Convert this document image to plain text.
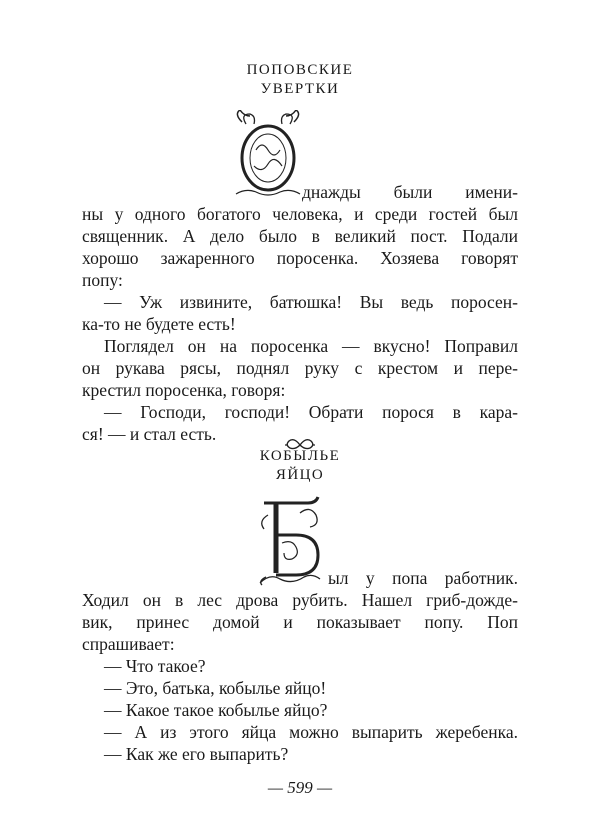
ПОПОВСКИЕ
УВЕРТКИ
днажды были имени-
ны у одного богатого человека, и среди гостей был
священник. А дело было в великий пост. Подали
хорошо зажаренного поросенка. Хозяева говорят
попу:
— Уж извините, батюшка! Вы ведь поросен-
ка-то не будете есть!
Поглядел он на поросенка — вкусно! Поправил
он рукава рясы, поднял руку с крестом и пере-
крестил поросенка, говоря:
— Господи, господи! Обрати порося в кара-
ся! — и стал есть.
КОБЫЛЬЕ
ЯЙЦО
ыл у попа работник.
Ходил он в лес дрова рубить. Нашел гриб-дожде-
вик, принес домой и показывает попу. Поп
спрашивает:
— Что такое?
— Это, батька, кобылье яйцо!
— Какое такое кобылье яйцо?
— А из этого яйца можно выпарить жеребенка.
— Как же его выпарить?
— 599 —
